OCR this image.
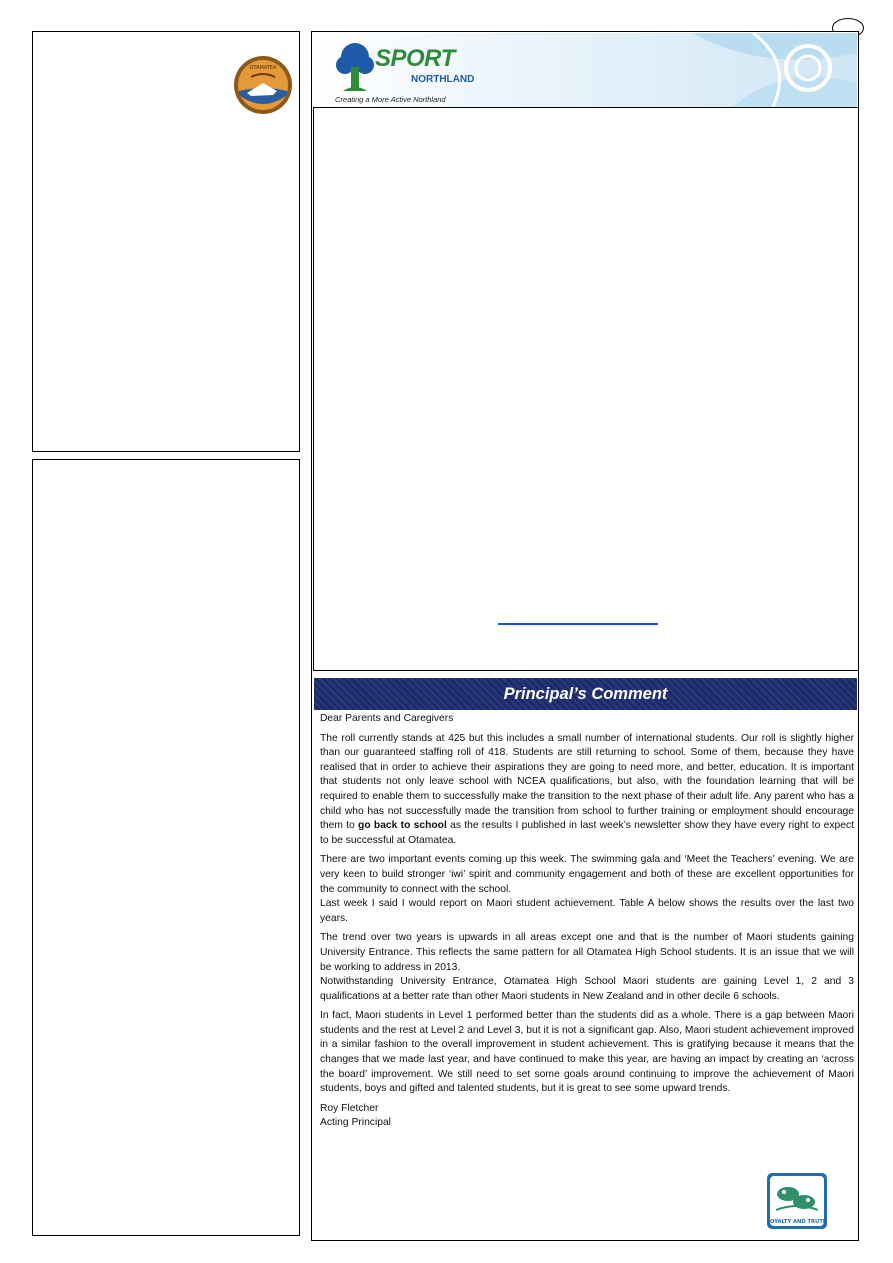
OTAMATEA	SPORT
NORTHLAND
Creating a More Active Northland
Principal’s Comment

Dear Parents and Caregivers

The roll currently stands at 425 but this includes a small number of international students. Our roll is slightly higher than our guaranteed staffing roll of 418. Students are still returning to school. Some of them, because they have realised that in order to achieve their aspirations they are going to need more, and better, education. It is important that students not only leave school with NCEA qualifications, but also, with the foundation learning that will be required to enable them to successfully make the transition to the next phase of their adult life. Any parent who has a child who has not successfully made the transition from school to further training or employment should encourage them to go back to school as the results I published in last week’s newsletter show they have every right to expect to be successful at Otamatea.

There are two important events coming up this week. The swimming gala and ‘Meet the Teachers’ evening. We are very keen to build stronger ‘iwi’ spirit and community engagement and both of these are excellent opportunities for the community to connect with the school.

Last week I said I would report on Maori student achievement. Table A below shows the results over the last two years.

The trend over two years is upwards in all areas except one and that is the number of Maori students gaining University Entrance. This reflects the same pattern for all Otamatea High School students. It is an issue that we will be working to address in 2013.

Notwithstanding University Entrance, Otamatea High School Maori students are gaining Level 1, 2 and 3 qualifications at a better rate than other Maori students in New Zealand and in other decile 6 schools.

In fact, Maori students in Level 1 performed better than the students did as a whole. There is a gap between Maori students and the rest at Level 2 and Level 3, but it is not a significant gap. Also, Maori student achievement improved in a similar fashion to the overall improvement in student achievement. This is gratifying because it means that the changes that we made last year, and have continued to make this year, are having an impact by creating an ‘across the board’ improvement. We still need to set some goals around continuing to improve the achievement of Maori students, boys and gifted and talented students, but it is great to see some upward trends.

Roy Fletcher

Acting Principal

LOYALTY AND TRUTH
